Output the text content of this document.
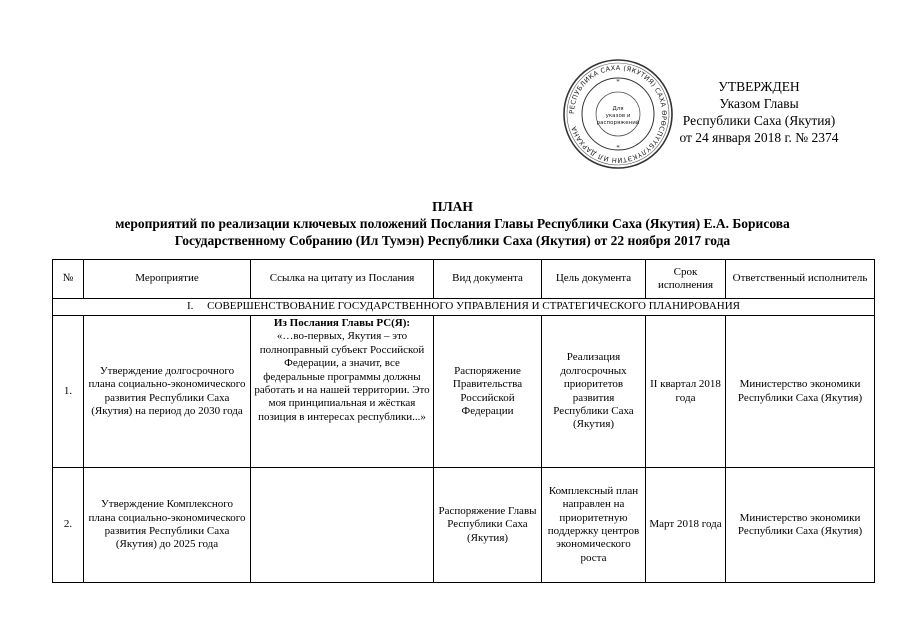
РЕСПУБЛИКА САХА (ЯКУТИЯ) САХА ӨРӨСПҮҮБҮЛҮКЭТИН ИЛ ДАРХАНА
Для
указов и
распоряжений
*
*
УТВЕРЖДЕН
Указом Главы
Республики Саха (Якутия)
от 24 января 2018 г. № 2374
ПЛАН
мероприятий по реализации ключевых положений Послания Главы Республики Саха (Якутия) Е.А. Борисова
Государственному Собранию (Ил Тумэн) Республики Саха (Якутия) от 22 ноября 2017 года
№	Мероприятие	Ссылка на цитату из Послания	Вид документа	Цель документа	Срок исполнения	Ответственный исполнитель
I.     СОВЕРШЕНСТВОВАНИЕ ГОСУДАРСТВЕННОГО УПРАВЛЕНИЯ И СТРАТЕГИЧЕСКОГО ПЛАНИРОВАНИЯ						
1.	Утверждение долгосрочного плана социально-экономического развития Республики Саха (Якутия) на период до 2030 года	Из Послания Главы РС(Я):
«…во-первых, Якутия – это полноправный субъект Российской Федерации, а значит, все федеральные программы должны работать и на нашей территории. Это моя принципиальная и жёсткая позиция в интересах республики...»	Распоряжение Правительства Российской Федерации	Реализация долгосрочных приоритетов развития Республики Саха (Якутия)	II квартал 2018 года	Министерство экономики Республики Саха (Якутия)
2.	Утверждение Комплексного плана социально-экономического развития Республики Саха (Якутия) до 2025 года		Распоряжение Главы Республики Саха (Якутия)	Комплексный план направлен на приоритетную поддержку центров экономического роста	Март 2018 года	Министерство экономики Республики Саха (Якутия)
